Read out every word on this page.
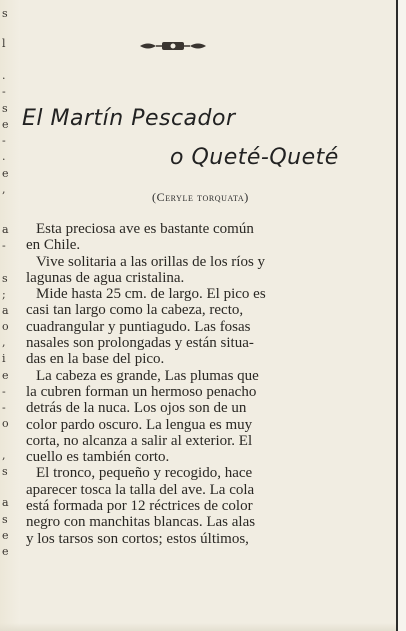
s
l
.
-
s
e
-
.
e
,
a
-
s
;
a
o
,
i
e
-
-
o
,
s
a
s
e
e
El Martín Pescador
o Queté-Queté
(Ceryle torquata)
Esta preciosa ave es bastante común
en Chile.
Vive solitaria a las orillas de los ríos y
lagunas de agua cristalina.
Mide hasta 25 cm. de largo. El pico es
casi tan largo como la cabeza, recto,
cuadrangular y puntiagudo. Las fosas
nasales son prolongadas y están situa-
das en la base del pico.
La cabeza es grande, Las plumas que
la cubren forman un hermoso penacho
detrás de la nuca. Los ojos son de un
color pardo oscuro. La lengua es muy
corta, no alcanza a salir al exterior. El
cuello es también corto.
El tronco, pequeño y recogido, hace
aparecer tosca la talla del ave. La cola
está formada por 12 réctrices de color
negro con manchitas blancas. Las alas
y los tarsos son cortos; estos últimos,
